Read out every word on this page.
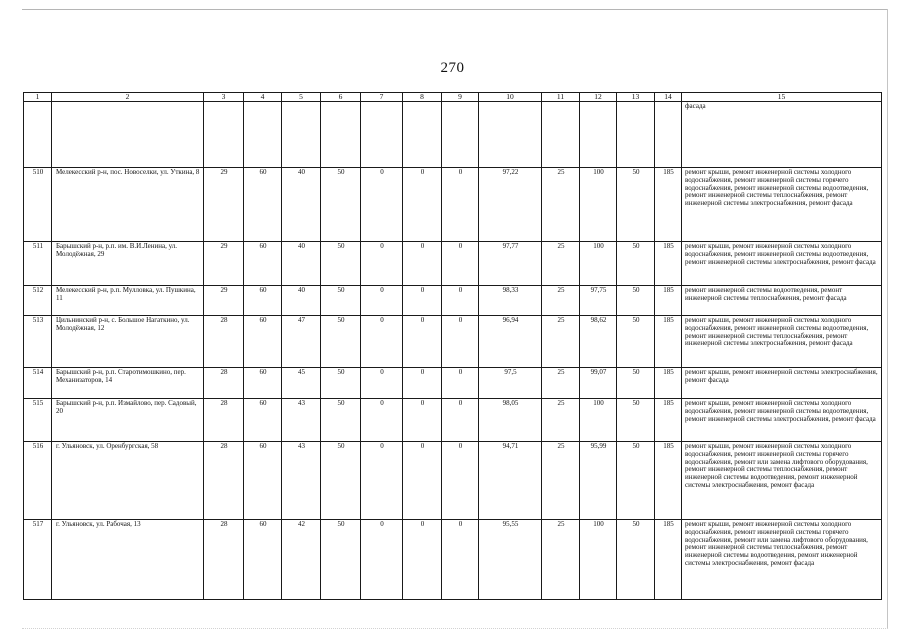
270
1	2	3	4	5	6	7	8	9	10	11	12	13	14	15
														фасада
510	Мелекесский р-н, пос. Новоселки, ул. Уткина, 8	29	60	40	50	0	0	0	97,22	25	100	50	185	ремонт крыши, ремонт инженерной системы холодного водоснабжения, ремонт инженерной системы горячего водоснабжения, ремонт инженерной системы водоотведения, ремонт инженерной системы теплоснабжения, ремонт инженерной системы электроснабжения, ремонт фасада
511	Барышский р-н, р.п. им. В.И.Ленина, ул. Молодёжная, 29	29	60	40	50	0	0	0	97,77	25	100	50	185	ремонт крыши, ремонт инженерной системы холодного водоснабжения, ремонт инженерной системы водоотведения, ремонт инженерной системы электроснабжения, ремонт фасада
512	Мелекесский р-н, р.п. Мулловка, ул. Пушкина, 11	29	60	40	50	0	0	0	98,33	25	97,75	50	185	ремонт инженерной системы водоотведения, ремонт инженерной системы теплоснабжения, ремонт фасада
513	Цильнинский р-н, с. Большое Нагаткино, ул. Молодёжная, 12	28	60	47	50	0	0	0	96,94	25	98,62	50	185	ремонт крыши, ремонт инженерной системы холодного водоснабжения, ремонт инженерной системы водоотведения, ремонт инженерной системы теплоснабжения, ремонт инженерной системы электроснабжения, ремонт фасада
514	Барышский р-н, р.п. Старотимошкино, пер. Механизаторов, 14	28	60	45	50	0	0	0	97,5	25	99,07	50	185	ремонт крыши, ремонт инженерной системы электроснабжения, ремонт фасада
515	Барышский р-н, р.п. Измайлово, пер. Садовый, 20	28	60	43	50	0	0	0	98,05	25	100	50	185	ремонт крыши, ремонт инженерной системы холодного водоснабжения, ремонт инженерной системы водоотведения, ремонт инженерной системы электроснабжения, ремонт фасада
516	г. Ульяновск, ул. Оренбургская, 58	28	60	43	50	0	0	0	94,71	25	95,99	50	185	ремонт крыши, ремонт инженерной системы холодного водоснабжения, ремонт инженерной системы горячего водоснабжения, ремонт или замена лифтового оборудования, ремонт инженерной системы теплоснабжения, ремонт инженерной системы водоотведения, ремонт инженерной системы электроснабжения, ремонт фасада
517	г. Ульяновск, ул. Рабочая, 13	28	60	42	50	0	0	0	95,55	25	100	50	185	ремонт крыши, ремонт инженерной системы холодного водоснабжения, ремонт инженерной системы горячего водоснабжения, ремонт или замена лифтового оборудования, ремонт инженерной системы теплоснабжения, ремонт инженерной системы водоотведения, ремонт инженерной системы электроснабжения, ремонт фасада
